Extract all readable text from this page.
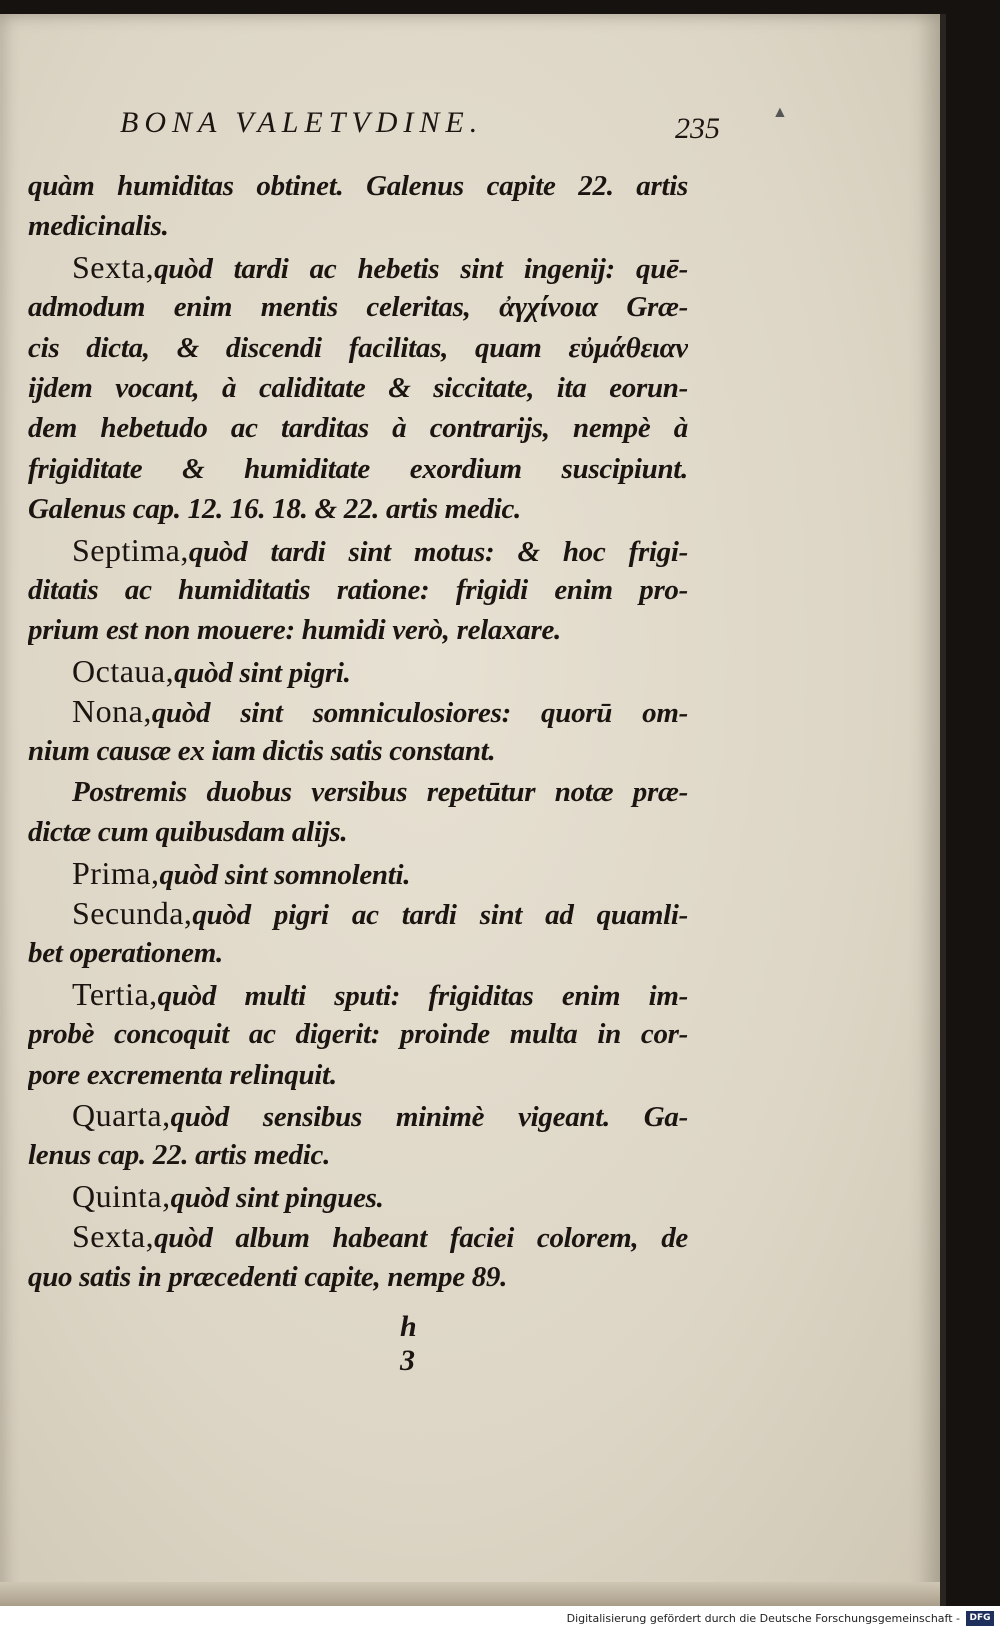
▲
BONA VALETVDINE.	235
quàm humiditas obtinet. Galenus capite 22. artis
medicinalis.
Sexta,quòd tardi ac hebetis sint ingenij: quē-
admodum enim mentis celeritas, ἀγχίνοια Græ-
cis dicta, & discendi facilitas, quam εὐμάθειαν
ijdem vocant, à caliditate & siccitate, ita eorun-
dem hebetudo ac tarditas à contrarijs, nempè à
frigiditate & humiditate exordium suscipiunt.
Galenus cap. 12. 16. 18. & 22. artis medic.
Septima,quòd tardi sint motus: & hoc frigi-
ditatis ac humiditatis ratione: frigidi enim pro-
prium est non mouere: humidi verò, relaxare.
Octaua,quòd sint pigri.
Nona,quòd sint somniculosiores: quorū om-
nium causæ ex iam dictis satis constant.
Postremis duobus versibus repetūtur notæ præ-
dictæ cum quibusdam alijs.
Prima,quòd sint somnolenti.
Secunda,quòd pigri ac tardi sint ad quamli-
bet operationem.
Tertia,quòd multi sputi: frigiditas enim im-
probè concoquit ac digerit: proinde multa in cor-
pore excrementa relinquit.
Quarta,quòd sensibus minimè vigeant. Ga-
lenus cap. 22. artis medic.
Quinta,quòd sint pingues.
Sexta,quòd album habeant faciei colorem, de
quo satis in præcedenti capite, nempe 89.
h 3
Digitalisierung gefördert durch die Deutsche Forschungsgemeinschaft -	DFG
